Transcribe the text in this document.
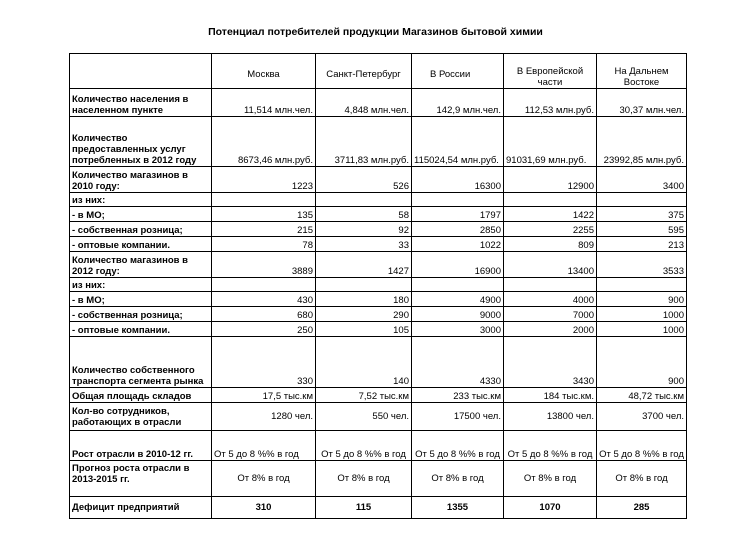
Потенциал потребителей продукции Магазинов бытовой химии
	Москва	Санкт-Петербург	В России	В Европейской части	На Дальнем Востоке
Количество населения в населенном пункте	11,514 млн.чел.	4,848 млн.чел.	142,9 млн.чел.	112,53 млн.руб.	30,37 млн.чел.
Количество предоставленных услуг потребленных в 2012 году	8673,46 млн.руб.	3711,83 млн.руб.	115024,54 млн.руб.	91031,69 млн.руб.	23992,85 млн.руб.
Количество магазинов в 2010 году:	1223	526	16300	12900	3400
из них:					
- в МО;	135	58	1797	1422	375
- собственная розница;	215	92	2850	2255	595
- оптовые компании.	78	33	1022	809	213
Количество магазинов в 2012 году:	3889	1427	16900	13400	3533
из них:					
- в МО;	430	180	4900	4000	900
- собственная розница;	680	290	9000	7000	1000
- оптовые компании.	250	105	3000	2000	1000
Количество собственного транспорта сегмента рынка	330	140	4330	3430	900
Общая площадь складов	17,5 тыс.км	7,52 тыс.км	233 тыс.км	184 тыс.км.	48,72 тыс.км
Кол-во сотрудников, работающих в отрасли	1280 чел.	550 чел.	17500 чел.	13800 чел.	3700 чел.
Рост отрасли в 2010-12 гг.	От 5 до 8 %% в год	От 5 до 8 %% в год	От 5 до 8 %% в год	От 5 до 8 %% в год	От 5 до 8 %% в год
Прогноз роста отрасли в 2013-2015 гг.	От 8% в год	От 8% в год	От 8% в год	От 8% в год	От 8% в год
Дефицит предприятий	310	115	1355	1070	285
